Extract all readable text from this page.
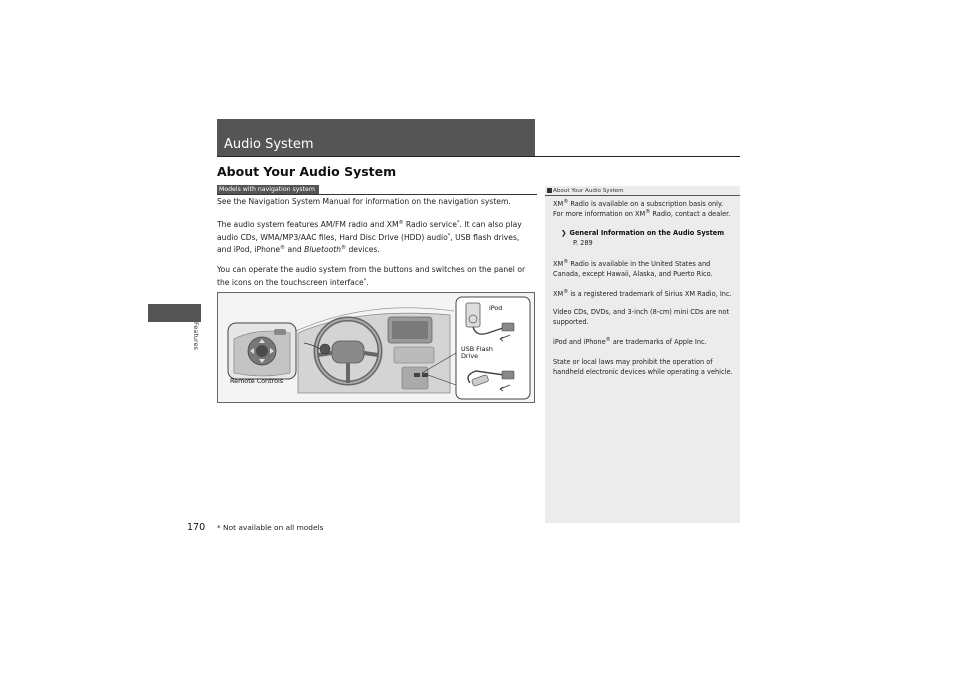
Audio System
About Your Audio System
Models with navigation system

See the Navigation System Manual for information on the navigation system.

The audio system features AM/FM radio and XM® Radio service*. It can also play audio CDs, WMA/MP3/AAC files, Hard Disc Drive (HDD) audio*, USB flash drives, and iPod, iPhone® and Bluetooth® devices.

You can operate the audio system from the buttons and switches on the panel or the icons on the touchscreen interface*.

iPod
USB Flash
Drive
Remote Controls
Features
170 * Not available on all models
About Your Audio System

XM® Radio is available on a subscription basis only. For more information on XM® Radio, contact a dealer.

❯ General Information on the Audio System
P. 289

XM® Radio is available in the United States and Canada, except Hawaii, Alaska, and Puerto Rico.

XM® is a registered trademark of Sirius XM Radio, Inc.

Video CDs, DVDs, and 3-inch (8-cm) mini CDs are not supported.

iPod and iPhone® are trademarks of Apple Inc.

State or local laws may prohibit the operation of handheld electronic devices while operating a vehicle.
